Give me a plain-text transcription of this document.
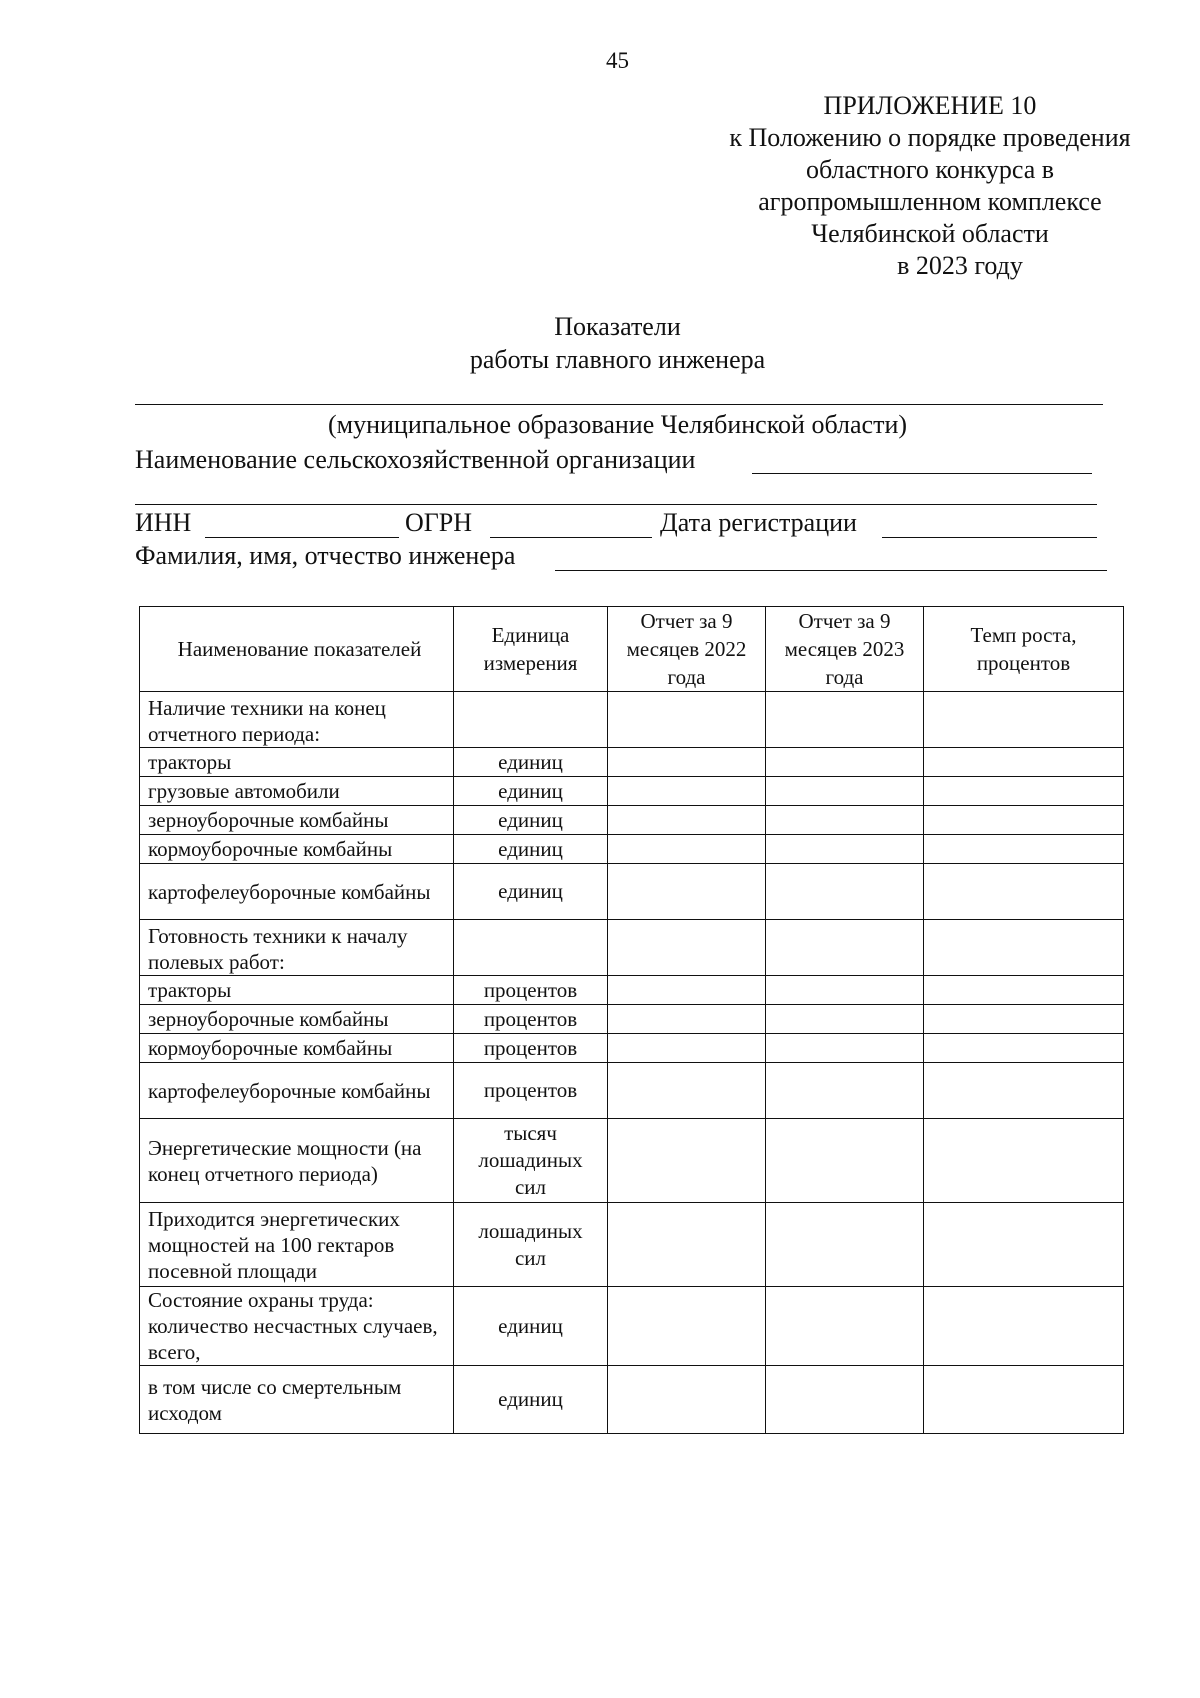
45
ПРИЛОЖЕНИЕ 10
к Положению о порядке проведения
областного конкурса в
агропромышленном комплексе
Челябинской области
в 2023 году
Показатели
работы главного инженера
(муниципальное образование Челябинской области)
Наименование сельскохозяйственной организации
ИНН	ОГРН	Дата регистрации
Фамилия, имя, отчество инженера
Наименование показателей	Единица измерения	Отчет за 9 месяцев 2022 года	Отчет за 9 месяцев 2023 года	Темп роста, процентов
Наличие техники на конец отчетного периода:				
тракторы	единиц			
грузовые автомобили	единиц			
зерноуборочные комбайны	единиц			
кормоуборочные комбайны	единиц			
картофелеуборочные комбайны	единиц			
Готовность техники к началу полевых работ:				
тракторы	процентов			
зерноуборочные комбайны	процентов			
кормоуборочные комбайны	процентов			
картофелеуборочные комбайны	процентов			
Энергетические мощности (на конец отчетного периода)	тысяч лошадиных сил			
Приходится энергетических мощностей на 100 гектаров посевной площади	лошадиных сил			
Состояние охраны труда: количество несчастных случаев, всего,	единиц			
в том числе со смертельным исходом	единиц			
